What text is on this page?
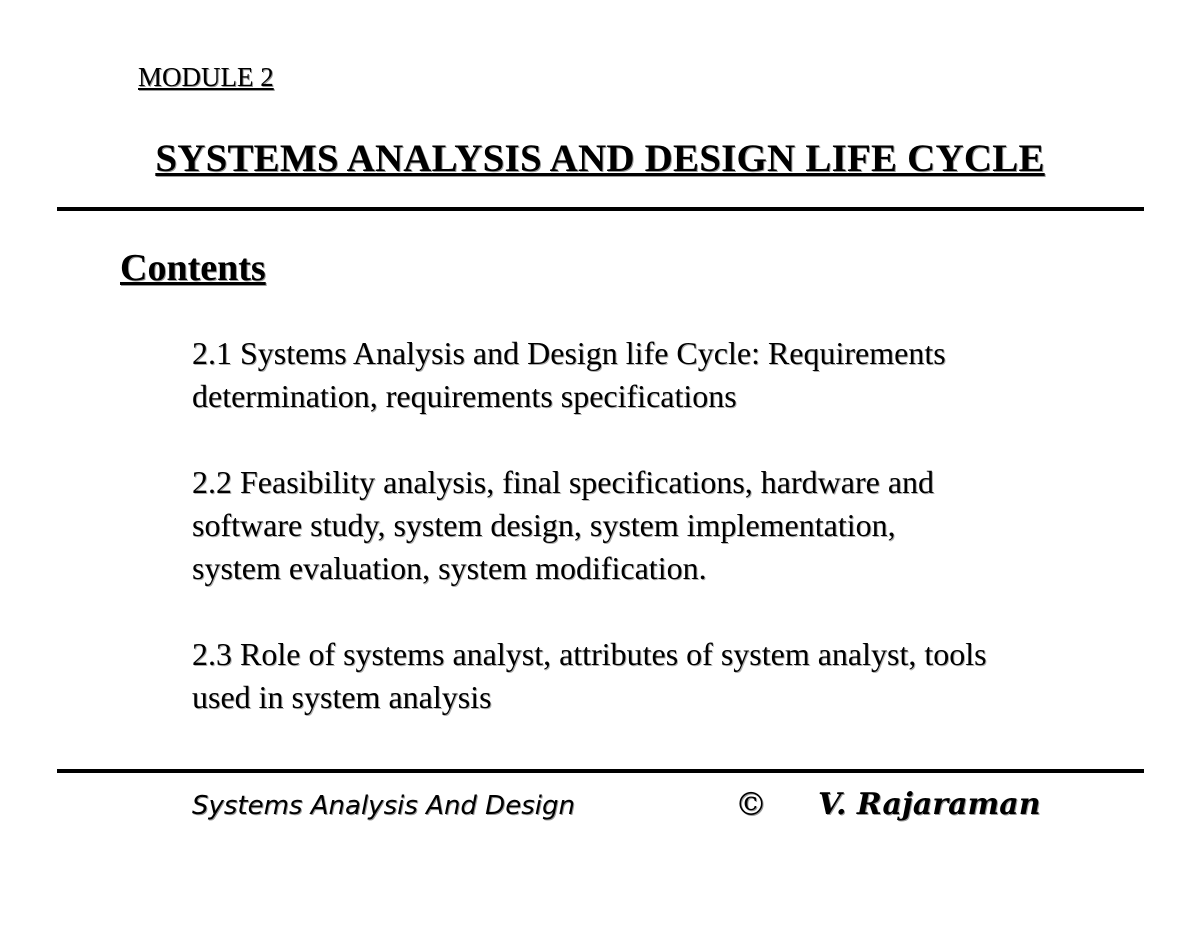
MODULE 2
SYSTEMS ANALYSIS AND DESIGN LIFE CYCLE
Contents
2.1 Systems Analysis and Design life Cycle: Requirements
determination, requirements specifications
2.2 Feasibility analysis, final specifications, hardware and
software study, system design, system implementation,
system evaluation, system modification.
2.3 Role of systems analyst, attributes of system analyst, tools
used in system analysis
Systems Analysis And Design	© V. Rajaraman
